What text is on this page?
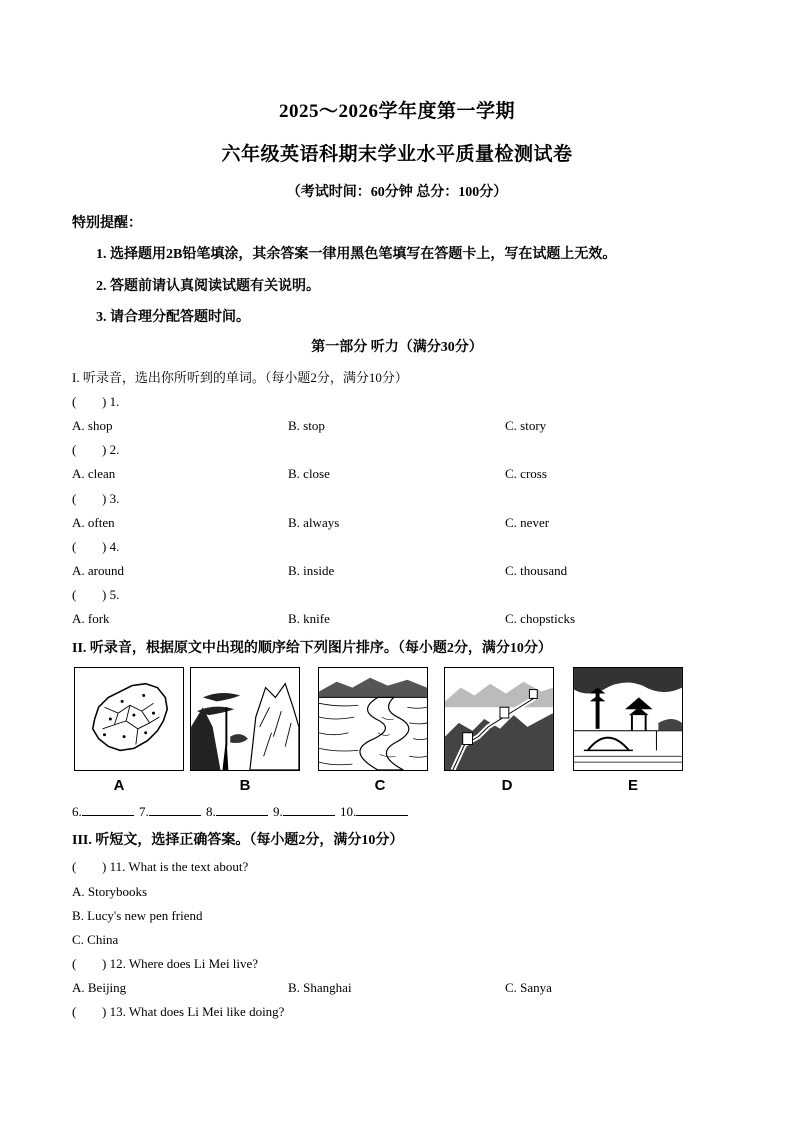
2025～2026学年度第一学期
六年级英语科期末学业水平质量检测试卷
（考试时间：60分钟 总分：100分）
特别提醒：
1. 选择题用2B铅笔填涂，其余答案一律用黑色笔填写在答题卡上，写在试题上无效。
2. 答题前请认真阅读试题有关说明。
3. 请合理分配答题时间。
第一部分 听力（满分30分）
I. 听录音，选出你所听到的单词。（每小题2分，满分10分）
( ) 1.
A. shop	B. stop	C. story
( ) 2.
A. clean	B. close	C. cross
( ) 3.
A. often	B. always	C. never
( ) 4.
A. around	B. inside	C. thousand
( ) 5.
A. fork	B. knife	C. chopsticks
II. 听录音，根据原文中出现的顺序给下列图片排序。（每小题2分，满分10分）
A	B	C	D	E
6.	7.	8.	9.	10.
III. 听短文，选择正确答案。（每小题2分，满分10分）
( ) 11. What is the text about?
A. Storybooks
B. Lucy's new pen friend
C. China
( ) 12. Where does Li Mei live?
A. Beijing	B. Shanghai	C. Sanya
( ) 13. What does Li Mei like doing?
